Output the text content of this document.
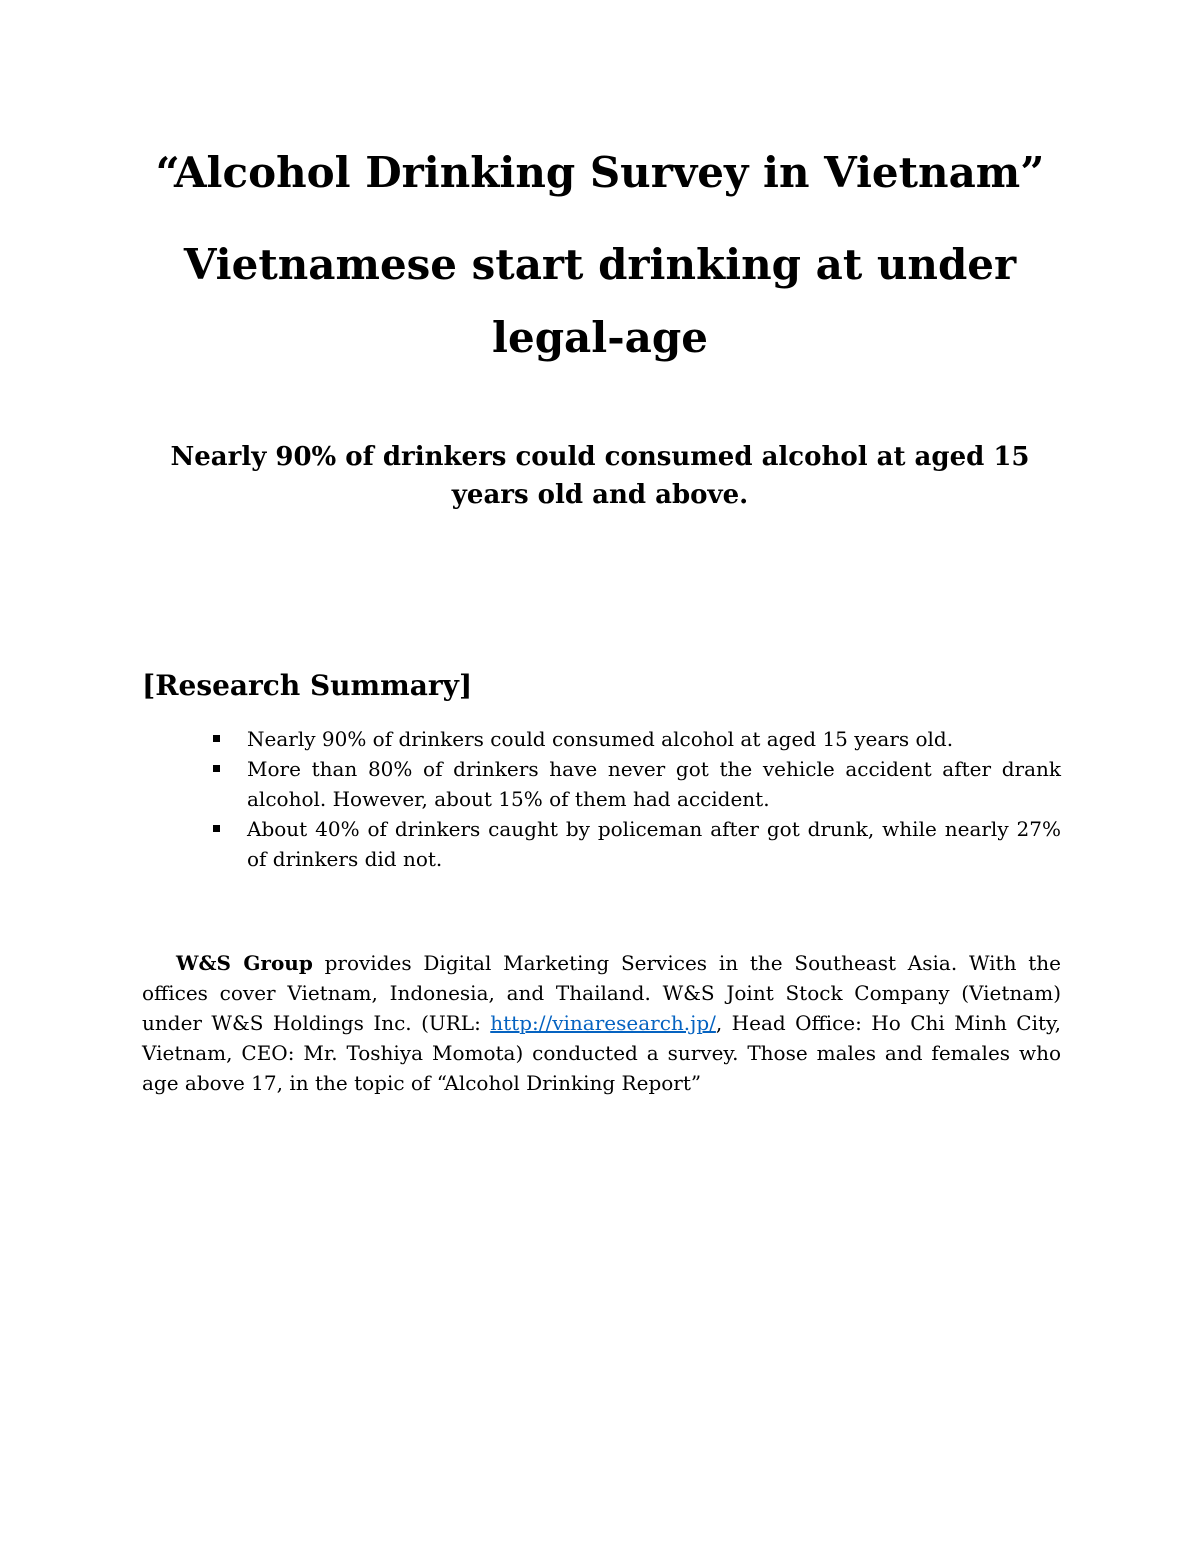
“Alcohol Drinking Survey in Vietnam”
Vietnamese start drinking at under legal-age
Nearly 90% of drinkers could consumed alcohol at aged 15 years old and above.
[Research Summary]
Nearly 90% of drinkers could consumed alcohol at aged 15 years old.
More than 80% of drinkers have never got the vehicle accident after drank alcohol. However, about 15% of them had accident.
About 40% of drinkers caught by policeman after got drunk, while nearly 27% of drinkers did not.

W&S Group provides Digital Marketing Services in the Southeast Asia. With the offices cover Vietnam, Indonesia, and Thailand. W&S Joint Stock Company (Vietnam) under W&S Holdings Inc. (URL: http://vinaresearch.jp/, Head Office: Ho Chi Minh City, Vietnam, CEO: Mr. Toshiya Momota) conducted a survey. Those males and females who age above 17, in the topic of “Alcohol Drinking Report”
